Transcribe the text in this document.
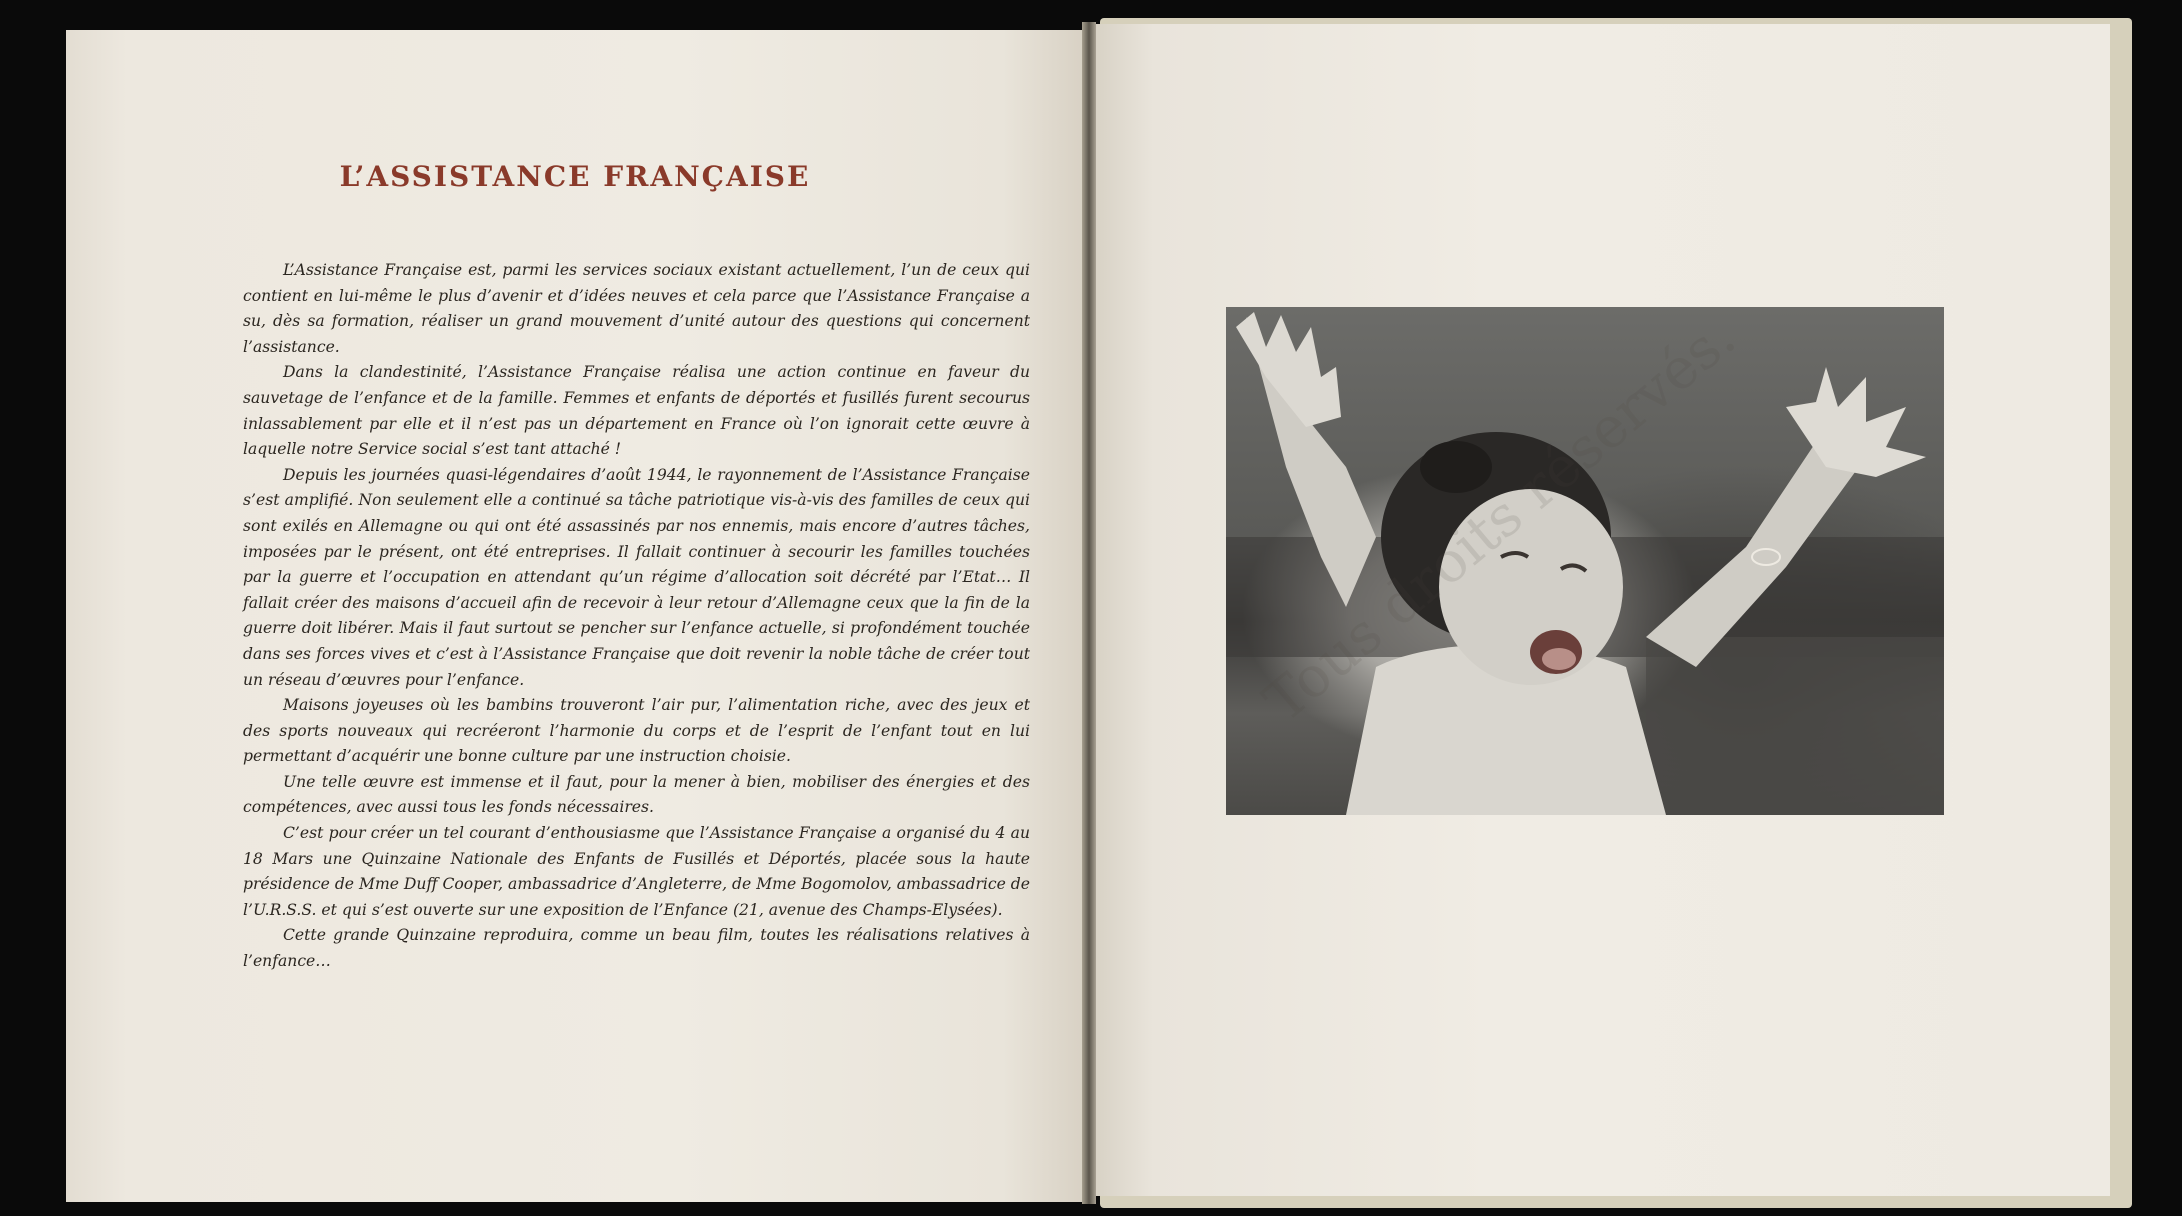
L’ASSISTANCE FRANÇAISE

L’Assistance Française est, parmi les services sociaux existant actuellement, l’un de ceux qui contient en lui-même le plus d’avenir et d’idées neuves et cela parce que l’Assistance Française a su, dès sa formation, réaliser un grand mouvement d’unité autour des questions qui concernent l’assistance.

Dans la clandestinité, l’Assistance Française réalisa une action continue en faveur du sauvetage de l’enfance et de la famille. Femmes et enfants de déportés et fusillés furent secourus inlassablement par elle et il n’est pas un département en France où l’on ignorait cette œuvre à laquelle notre Service social s’est tant attaché !

Depuis les journées quasi-légendaires d’août 1944, le rayonnement de l’Assistance Française s’est amplifié. Non seulement elle a continué sa tâche patriotique vis-à-vis des familles de ceux qui sont exilés en Allemagne ou qui ont été assassinés par nos ennemis, mais encore d’autres tâches, imposées par le présent, ont été entreprises. Il fallait continuer à secourir les familles touchées par la guerre et l’occupation en attendant qu’un régime d’allocation soit décrété par l’Etat… Il fallait créer des maisons d’accueil afin de recevoir à leur retour d’Allemagne ceux que la fin de la guerre doit libérer. Mais il faut surtout se pencher sur l’enfance actuelle, si profondément touchée dans ses forces vives et c’est à l’Assistance Française que doit revenir la noble tâche de créer tout un réseau d’œuvres pour l’enfance.

Maisons joyeuses où les bambins trouveront l’air pur, l’alimentation riche, avec des jeux et des sports nouveaux qui recréeront l’harmonie du corps et de l’esprit de l’enfant tout en lui permettant d’acquérir une bonne culture par une instruction choisie.

Une telle œuvre est immense et il faut, pour la mener à bien, mobiliser des énergies et des compétences, avec aussi tous les fonds nécessaires.

C’est pour créer un tel courant d’enthousiasme que l’Assistance Française a organisé du 4 au 18 Mars une Quinzaine Nationale des Enfants de Fusillés et Déportés, placée sous la haute présidence de Mme Duff Cooper, ambassadrice d’Angleterre, de Mme Bogomolov, ambassadrice de l’U.R.S.S. et qui s’est ouverte sur une exposition de l’Enfance (21, avenue des Champs-Elysées).

Cette grande Quinzaine reproduira, comme un beau film, toutes les réalisations relatives à l’enfance…
